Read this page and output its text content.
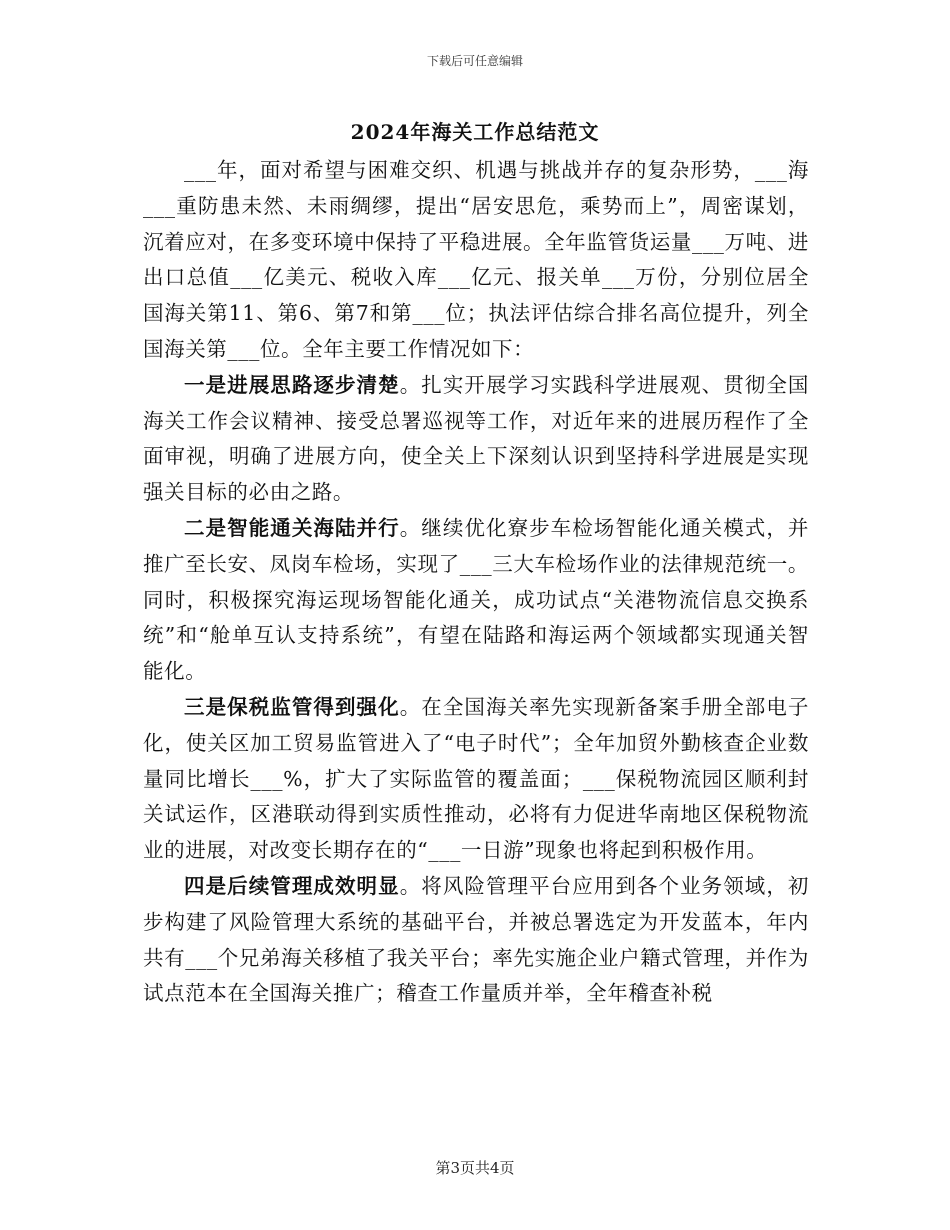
下载后可任意编辑
2024年海关工作总结范文

___年，面对希望与困难交织、机遇与挑战并存的复杂形势，___海___重防患未然、未雨绸缪，提出“居安思危，乘势而上”，周密谋划，沉着应对，在多变环境中保持了平稳进展。全年监管货运量___万吨、进出口总值___亿美元、税收入库___亿元、报关单___万份，分别位居全国海关第11、第6、第7和第___位；执法评估综合排名高位提升，列全国海关第___位。全年主要工作情况如下：

一是进展思路逐步清楚。扎实开展学习实践科学进展观、贯彻全国海关工作会议精神、接受总署巡视等工作，对近年来的进展历程作了全面审视，明确了进展方向，使全关上下深刻认识到坚持科学进展是实现强关目标的必由之路。

二是智能通关海陆并行。继续优化寮步车检场智能化通关模式，并推广至长安、凤岗车检场，实现了___三大车检场作业的法律规范统一。同时，积极探究海运现场智能化通关，成功试点“关港物流信息交换系统”和“舱单互认支持系统”，有望在陆路和海运两个领域都实现通关智能化。

三是保税监管得到强化。在全国海关率先实现新备案手册全部电子化，使关区加工贸易监管进入了“电子时代”；全年加贸外勤核查企业数量同比增长___%，扩大了实际监管的覆盖面；___保税物流园区顺利封关试运作，区港联动得到实质性推动，必将有力促进华南地区保税物流业的进展，对改变长期存在的“___一日游”现象也将起到积极作用。

四是后续管理成效明显。将风险管理平台应用到各个业务领域，初步构建了风险管理大系统的基础平台，并被总署选定为开发蓝本，年内共有___个兄弟海关移植了我关平台；率先实施企业户籍式管理，并作为试点范本在全国海关推广；稽查工作量质并举，全年稽查补税

第3页共4页
